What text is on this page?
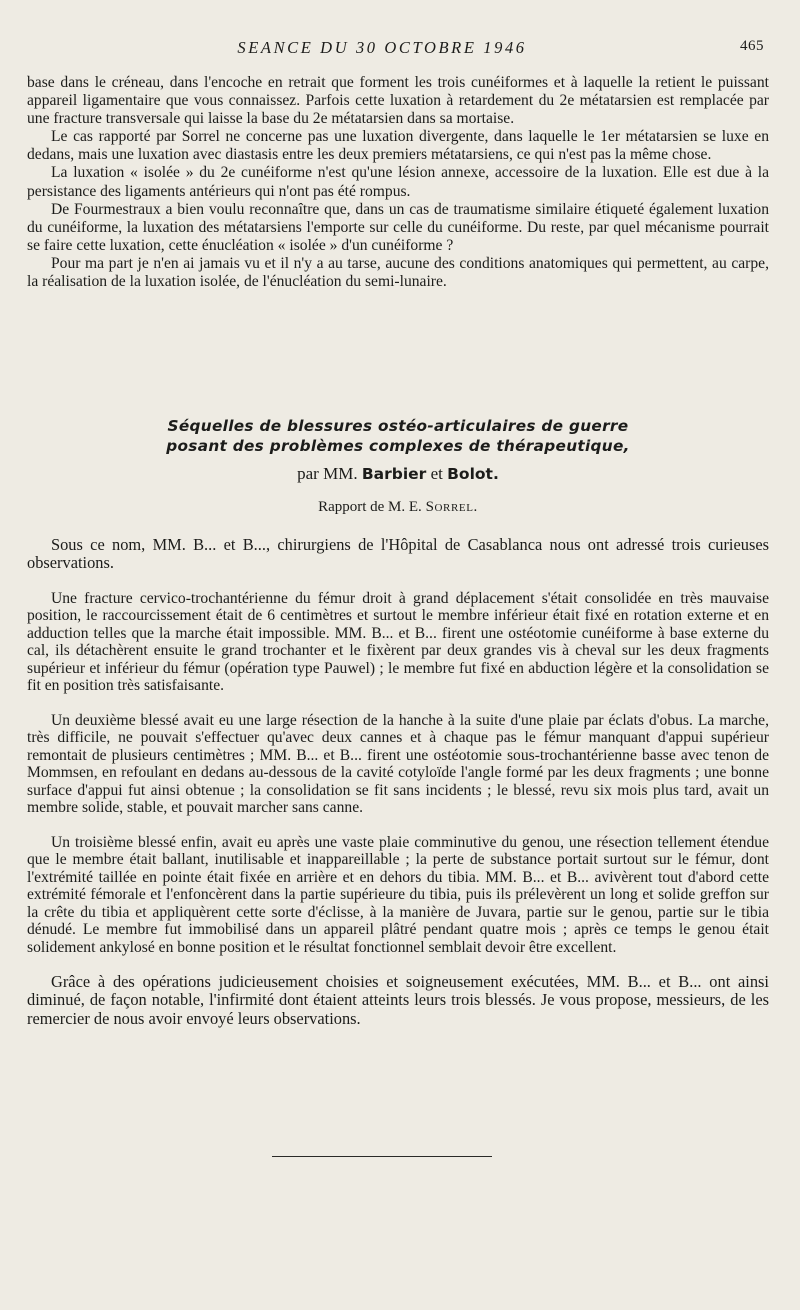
SEANCE DU 30 OCTOBRE 1946	465

base dans le créneau, dans l'encoche en retrait que forment les trois cunéiformes et à laquelle la retient le puissant appareil ligamentaire que vous connaissez. Parfois cette luxation à retardement du 2e métatarsien est remplacée par une fracture transversale qui laisse la base du 2e métatarsien dans sa mortaise.

Le cas rapporté par Sorrel ne concerne pas une luxation divergente, dans laquelle le 1er métatarsien se luxe en dedans, mais une luxation avec diastasis entre les deux premiers métatarsiens, ce qui n'est pas la même chose.

La luxation « isolée » du 2e cunéiforme n'est qu'une lésion annexe, accessoire de la luxation. Elle est due à la persistance des ligaments antérieurs qui n'ont pas été rompus.

De Fourmestraux a bien voulu reconnaître que, dans un cas de traumatisme similaire étiqueté également luxation du cunéiforme, la luxation des métatarsiens l'emporte sur celle du cunéiforme. Du reste, par quel mécanisme pourrait se faire cette luxation, cette énucléation « isolée » d'un cunéiforme ?

Pour ma part je n'en ai jamais vu et il n'y a au tarse, aucune des conditions anatomiques qui permettent, au carpe, la réalisation de la luxation isolée, de l'énucléation du semi-lunaire.

Séquelles de blessures ostéo-articulaires de guerre
posant des problèmes complexes de thérapeutique,
par MM. Barbier et Bolot.
Rapport de M. E. Sorrel.

Sous ce nom, MM. B... et B..., chirurgiens de l'Hôpital de Casablanca nous ont adressé trois curieuses observations.

Une fracture cervico-trochantérienne du fémur droit à grand déplacement s'était consolidée en très mauvaise position, le raccourcissement était de 6 centimètres et surtout le membre inférieur était fixé en rotation externe et en adduction telles que la marche était impossible. MM. B... et B... firent une ostéotomie cunéiforme à base externe du cal, ils détachèrent ensuite le grand trochanter et le fixèrent par deux grandes vis à cheval sur les deux fragments supérieur et inférieur du fémur (opération type Pauwel) ; le membre fut fixé en abduction légère et la consolidation se fit en position très satisfaisante.

Un deuxième blessé avait eu une large résection de la hanche à la suite d'une plaie par éclats d'obus. La marche, très difficile, ne pouvait s'effectuer qu'avec deux cannes et à chaque pas le fémur manquant d'appui supérieur remontait de plusieurs centimètres ; MM. B... et B... firent une ostéotomie sous-trochantérienne basse avec tenon de Mommsen, en refoulant en dedans au-dessous de la cavité cotyloïde l'angle formé par les deux fragments ; une bonne surface d'appui fut ainsi obtenue ; la consolidation se fit sans incidents ; le blessé, revu six mois plus tard, avait un membre solide, stable, et pouvait marcher sans canne.

Un troisième blessé enfin, avait eu après une vaste plaie comminutive du genou, une résection tellement étendue que le membre était ballant, inutilisable et inappareillable ; la perte de substance portait surtout sur le fémur, dont l'extrémité taillée en pointe était fixée en arrière et en dehors du tibia. MM. B... et B... avivèrent tout d'abord cette extrémité fémorale et l'enfoncèrent dans la partie supérieure du tibia, puis ils prélevèrent un long et solide greffon sur la crête du tibia et appliquèrent cette sorte d'éclisse, à la manière de Juvara, partie sur le genou, partie sur le tibia dénudé. Le membre fut immobilisé dans un appareil plâtré pendant quatre mois ; après ce temps le genou était solidement ankylosé en bonne position et le résultat fonctionnel semblait devoir être excellent.

Grâce à des opérations judicieusement choisies et soigneusement exécutées, MM. B... et B... ont ainsi diminué, de façon notable, l'infirmité dont étaient atteints leurs trois blessés. Je vous propose, messieurs, de les remercier de nous avoir envoyé leurs observations.
